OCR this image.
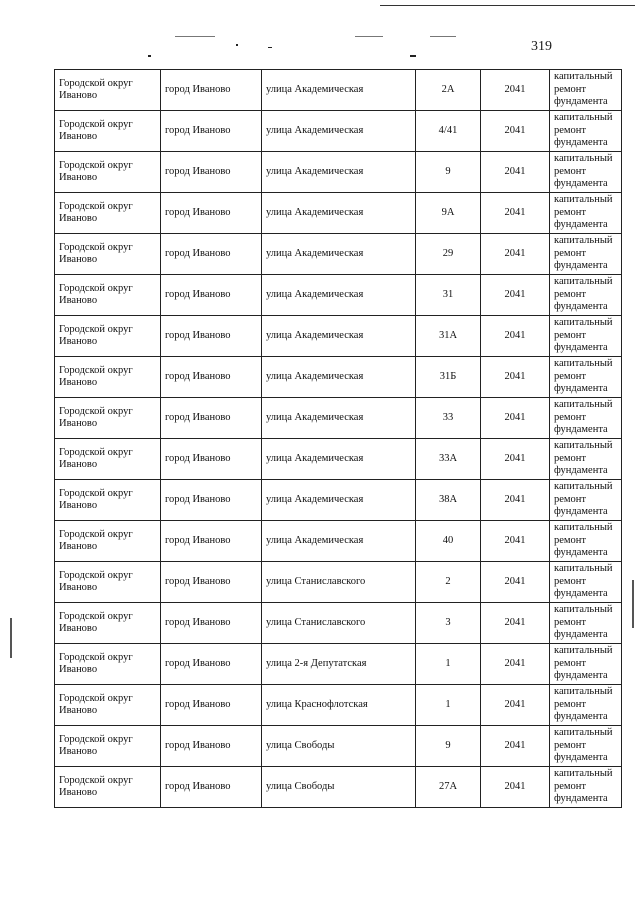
319
Городской округ Иваново	город Иваново	улица Академическая	2А	2041	капитальный ремонт фундамента
Городской округ Иваново	город Иваново	улица Академическая	4/41	2041	капитальный ремонт фундамента
Городской округ Иваново	город Иваново	улица Академическая	9	2041	капитальный ремонт фундамента
Городской округ Иваново	город Иваново	улица Академическая	9А	2041	капитальный ремонт фундамента
Городской округ Иваново	город Иваново	улица Академическая	29	2041	капитальный ремонт фундамента
Городской округ Иваново	город Иваново	улица Академическая	31	2041	капитальный ремонт фундамента
Городской округ Иваново	город Иваново	улица Академическая	31А	2041	капитальный ремонт фундамента
Городской округ Иваново	город Иваново	улица Академическая	31Б	2041	капитальный ремонт фундамента
Городской округ Иваново	город Иваново	улица Академическая	33	2041	капитальный ремонт фундамента
Городской округ Иваново	город Иваново	улица Академическая	33А	2041	капитальный ремонт фундамента
Городской округ Иваново	город Иваново	улица Академическая	38А	2041	капитальный ремонт фундамента
Городской округ Иваново	город Иваново	улица Академическая	40	2041	капитальный ремонт фундамента
Городской округ Иваново	город Иваново	улица Станиславского	2	2041	капитальный ремонт фундамента
Городской округ Иваново	город Иваново	улица Станиславского	3	2041	капитальный ремонт фундамента
Городской округ Иваново	город Иваново	улица 2-я Депутатская	1	2041	капитальный ремонт фундамента
Городской округ Иваново	город Иваново	улица Краснофлотская	1	2041	капитальный ремонт фундамента
Городской округ Иваново	город Иваново	улица Свободы	9	2041	капитальный ремонт фундамента
Городской округ Иваново	город Иваново	улица Свободы	27А	2041	капитальный ремонт фундамента
